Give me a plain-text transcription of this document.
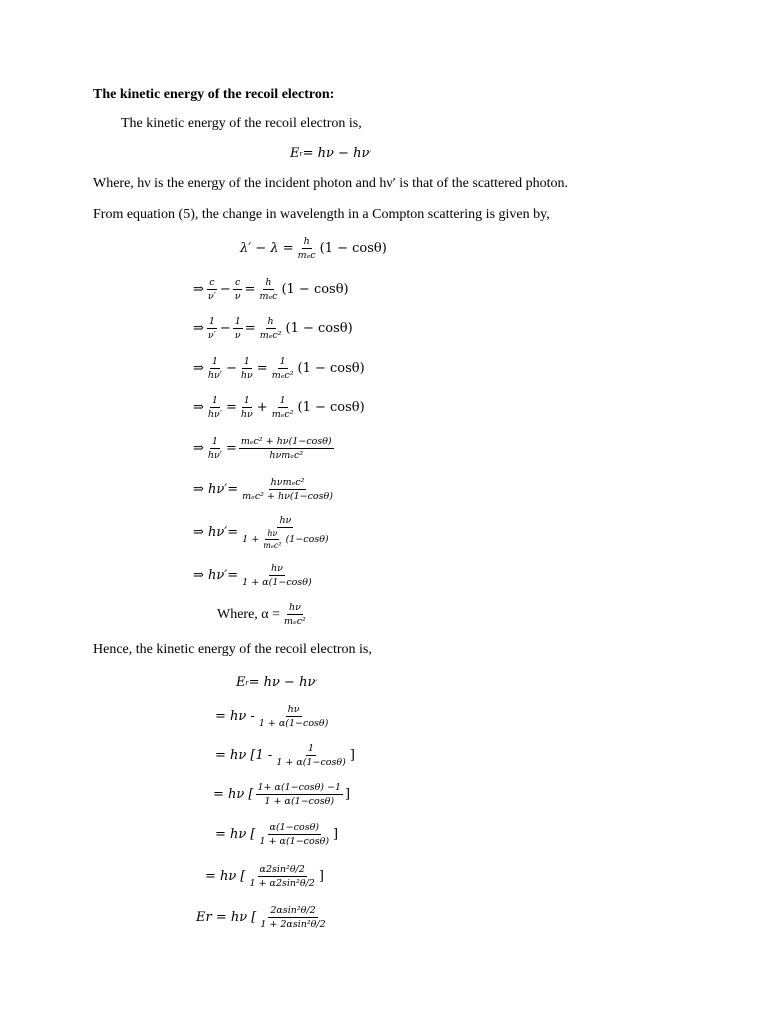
The kinetic energy of the recoil electron:
The kinetic energy of the recoil electron is,
E r = hν − hν ′
Where, hν is the energy of the incident photon and hν′ is that of the scattered photon.
From equation (5), the change in wavelength in a Compton scattering is given by,
$\lambda' - \lambda = \frac{h}{\text{mₑc}} (1 - \cos\theta)$
⇒ $\frac{c}{\nu'} - \frac{c}{\nu} = \frac{h}{\text{mₑc}} (1 - \cos\theta)$
⇒ $\frac{1}{\nu'} - \frac{1}{\nu} = \frac{h}{\text{mₑc²}} (1 - \cos\theta)$
⇒ $\frac{1}{h\nu'} - \frac{1}{h\nu} = \frac{1}{\text{mₑc²}} (1 - \cos\theta)$
⇒ $\frac{1}{h\nu'} = \frac{1}{h\nu} + \frac{1}{\text{mₑc²}} (1 - \cos\theta)$
⇒ $\frac{1}{h\nu'} = \frac{\text{mₑc² + hν(1−cosθ)}}{\text{hνmₑc²}}$
⇒ $h\nu'= \frac{\text{hνmₑc²}}{\text{mₑc² + hν(1−cosθ)}}$
⇒ $h\nu'= \frac{h\nu}{1 + \frac{h\nu}{\text{mₑc²}} (1-\cos\theta)}$
⇒ $h\nu'= \frac{h\nu}{1 + \alpha(1-\cos\theta)}$
Where, $\alpha = \frac{h\nu}{\text{mₑc²}}$
Hence, the kinetic energy of the recoil electron is,
E r = hν − hν ′
= hν - $\frac{h\nu}{1 + \alpha(1-\cos\theta)}$
= hν [$1 - \frac{1}{1 + \alpha(1-\cos\theta)}$ ]
= hν [ $\frac{1+ \alpha(1-\cos\theta) -1}{1 + \alpha(1-\cos\theta)}$ ]
= hν [ $\frac{\alpha(1-\cos\theta)}{1 + \alpha(1-\cos\theta)}$ ]
= hν [ $\frac{\text{α2sin²θ/2}}{\text{1 + α2sin²θ/2}}$ ]
Er = hν [ $\frac{\text{2αsin²θ/2}}{\text{1 + 2αsin²θ/2}}$
